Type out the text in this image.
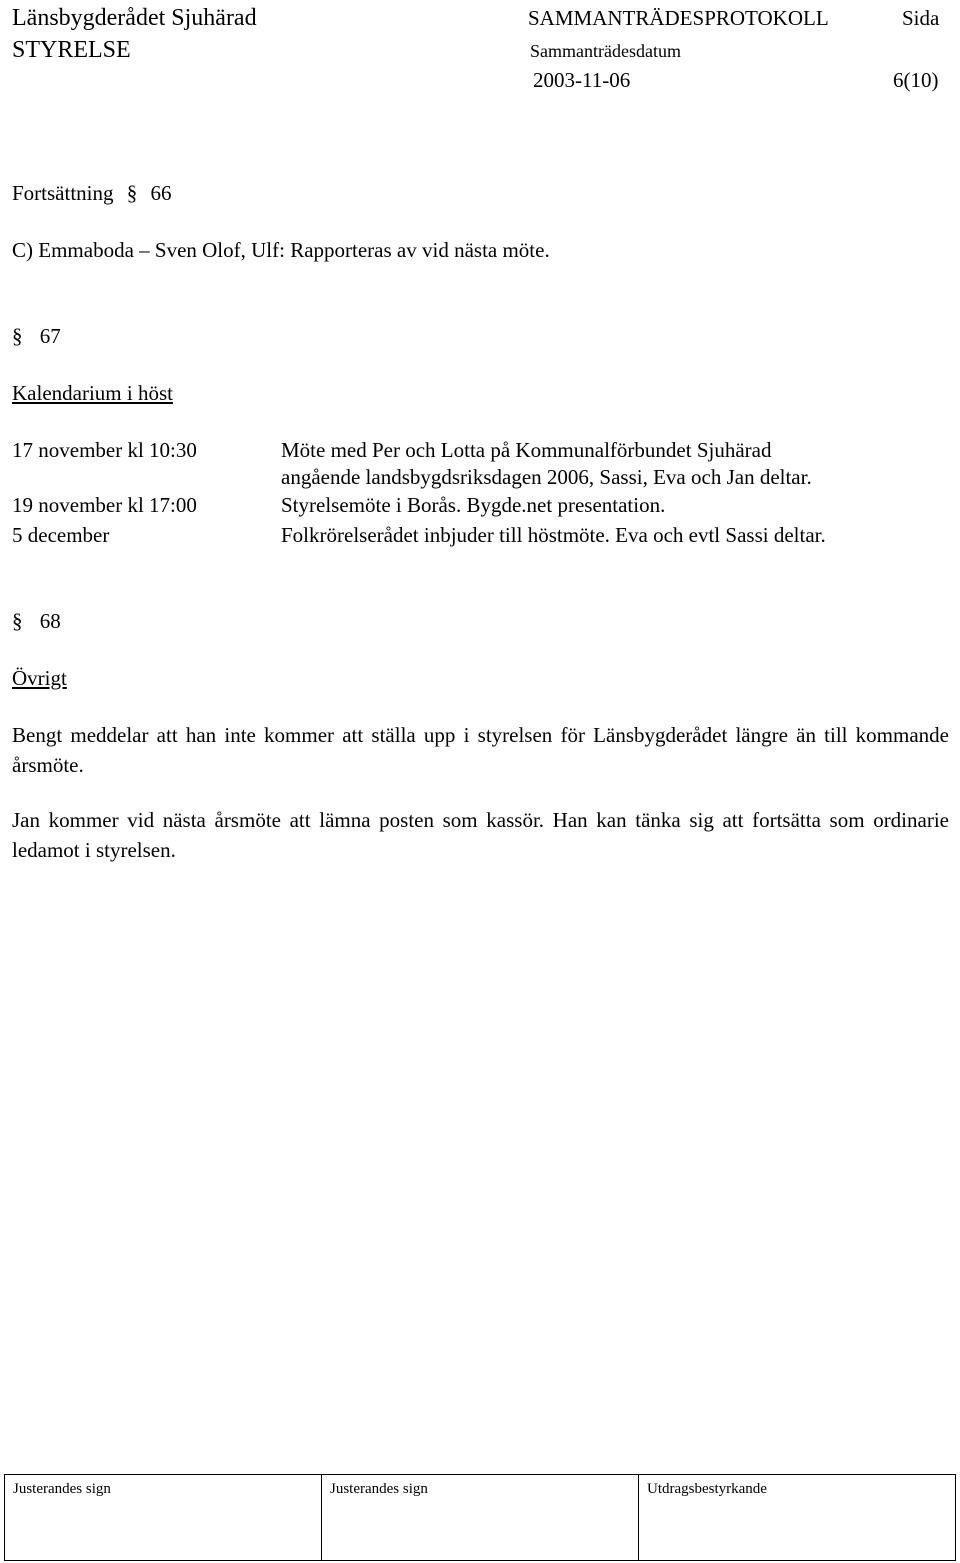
Länsbygderådet Sjuhärad
STYRELSE
SAMMANTRÄDESPROTOKOLL	Sida
Sammanträdesdatum
2003-11-06	6(10)
Fortsättning § 66
C) Emmaboda – Sven Olof, Ulf: Rapporteras av vid nästa möte.
§ 67
Kalendarium i höst
17 november kl 10:30	Möte med Per och Lotta på Kommunalförbundet Sjuhärad
angående landsbygdsriksdagen 2006, Sassi, Eva och Jan deltar.
19 november kl 17:00	Styrelsemöte i Borås. Bygde.net presentation.
5 december	Folkrörelserådet inbjuder till höstmöte. Eva och evtl Sassi deltar.
§ 68
Övrigt

Bengt meddelar att han inte kommer att ställa upp i styrelsen för Länsbygderådet längre än till kommande årsmöte.

Jan kommer vid nästa årsmöte att lämna posten som kassör. Han kan tänka sig att fortsätta som ordinarie ledamot i styrelsen.

Justerandes sign	Justerandes sign	Utdragsbestyrkande
